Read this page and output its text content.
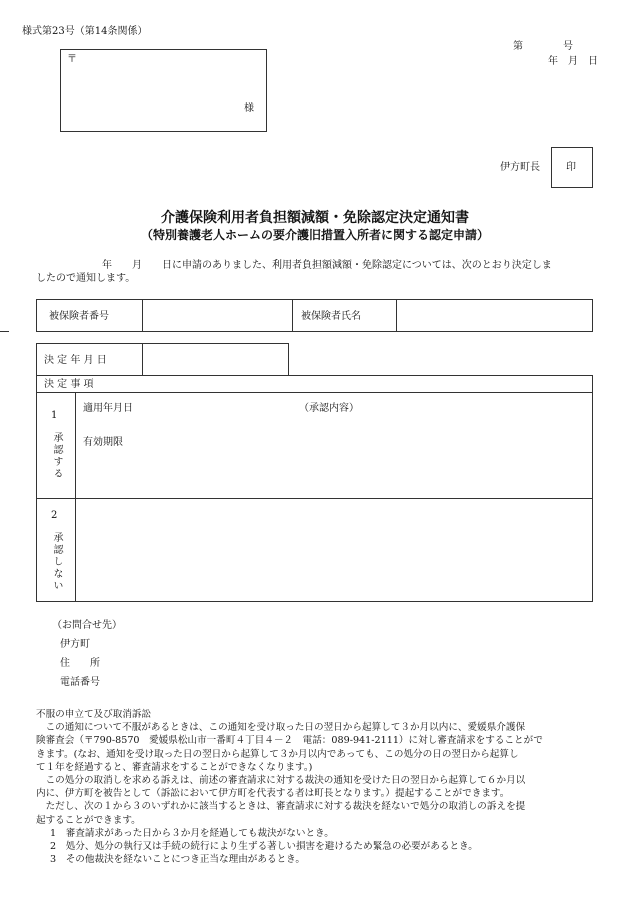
様式第23号（第14条関係）
第　　　　号
年　月　日
〒
様
伊方町長	印
介護保険利用者負担額減額・免除認定決定通知書
（特別養護老人ホームの要介護旧措置入所者に関する認定申請）
年　　月　　日に申請のありました、利用者負担額減額・免除認定については、次のとおり決定しま
したので通知します。
被保険者番号	被保険者氏名
決 定 年 月 日
決 定 事 項
1
承認する
適用年月日	（承認内容）
有効期限
2
承認しない
（お問合せ先）
伊方町
住　　所
電話番号
不服の申立て及び取消訴訟
この通知について不服があるときは、この通知を受け取った日の翌日から起算して３か月以内に、愛媛県介護保
険審査会（〒790-8570　愛媛県松山市一番町４丁目４－２　電話：089-941-2111）に対し審査請求をすることがで
きます。(なお、通知を受け取った日の翌日から起算して３か月以内であっても、この処分の日の翌日から起算し
て１年を経過すると、審査請求をすることができなくなります。)
この処分の取消しを求める訴えは、前述の審査請求に対する裁決の通知を受けた日の翌日から起算して６か月以
内に、伊方町を被告として（訴訟において伊方町を代表する者は町長となります。）提起することができます。
ただし、次の１から３のいずれかに該当するときは、審査請求に対する裁決を経ないで処分の取消しの訴えを提
起することができます。
1　審査請求があった日から３か月を経過しても裁決がないとき。
2　処分、処分の執行又は手続の続行により生ずる著しい損害を避けるため緊急の必要があるとき。
3　その他裁決を経ないことにつき正当な理由があるとき。
